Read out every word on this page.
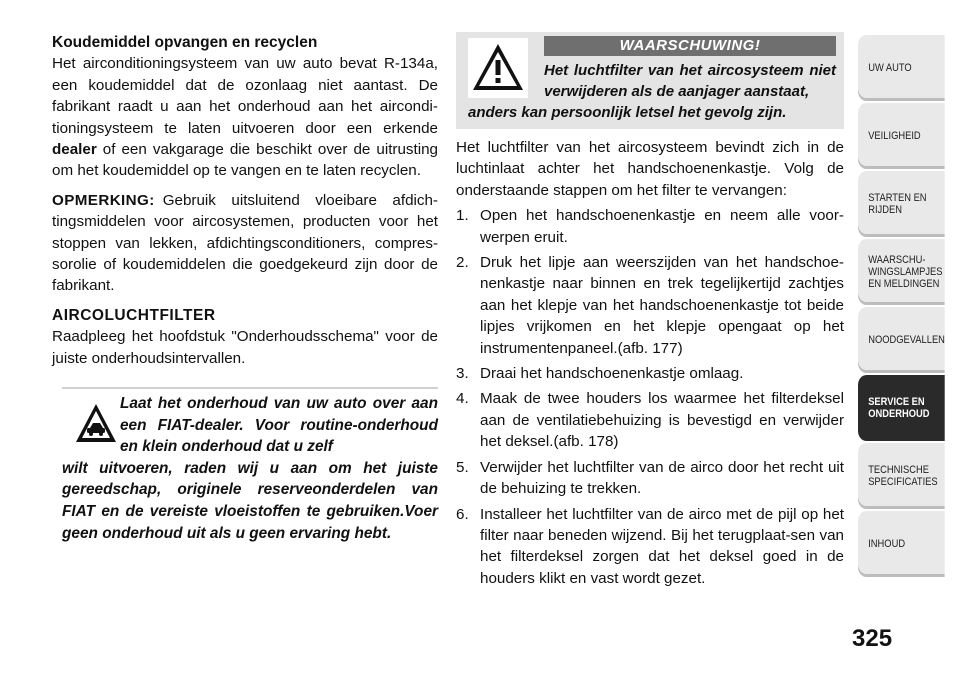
Koudemiddel opvangen en recyclen

Het airconditioningsysteem van uw auto bevat R-134a, een koudemiddel dat de ozonlaag niet aantast. De fabrikant raadt u aan het onderhoud aan het aircondi-tioningsysteem te laten uitvoeren door een erkende dealer of een vakgarage die beschikt over de uitrusting om het koudemiddel op te vangen en te laten recyclen.

OPMERKING: Gebruik uitsluitend vloeibare afdich-tingsmiddelen voor aircosystemen, producten voor het stoppen van lekken, afdichtingsconditioners, compres-sorolie of koudemiddelen die goedgekeurd zijn door de fabrikant.

AIRCOLUCHTFILTER

Raadpleeg het hoofdstuk "Onderhoudsschema" voor de juiste onderhoudsintervallen.

Laat het onderhoud van uw auto over aan een FIAT-dealer. Voor routine-onderhoud en klein onderhoud dat u zelf
wilt uitvoeren, raden wij u aan om het juiste gereedschap, originele reserveonderdelen van FIAT en de vereiste vloeistoffen te gebruiken.Voer geen onderhoud uit als u geen ervaring hebt.
WAARSCHUWING!
Het luchtfilter van het aircosysteem niet verwijderen als de aanjager aanstaat,
anders kan persoonlijk letsel het gevolg zijn.

Het luchtfilter van het aircosysteem bevindt zich in de luchtinlaat achter het handschoenenkastje. Volg de onderstaande stappen om het filter te vervangen:

1. Open het handschoenenkastje en neem alle voor-werpen eruit.
2. Druk het lipje aan weerszijden van het handschoe-nenkastje naar binnen en trek tegelijkertijd zachtjes aan het klepje van het handschoenenkastje tot beide lipjes vrijkomen en het klepje opengaat op het instrumentenpaneel.(afb. 177)
3. Draai het handschoenenkastje omlaag.
4. Maak de twee houders los waarmee het filterdeksel aan de ventilatiebehuizing is bevestigd en verwijder het deksel.(afb. 178)
5. Verwijder het luchtfilter van de airco door het recht uit de behuizing te trekken.
6. Installeer het luchtfilter van de airco met de pijl op het filter naar beneden wijzend. Bij het terugplaat-sen van het filterdeksel zorgen dat het deksel goed in de houders klikt en vast wordt gezet.
UW AUTO
VEILIGHEID
STARTEN EN RIJDEN
WAARSCHU-WINGSLAMPJES EN MELDINGEN
NOODGEVALLEN
SERVICE EN ONDERHOUD
TECHNISCHE SPECIFICATIES
INHOUD
325
